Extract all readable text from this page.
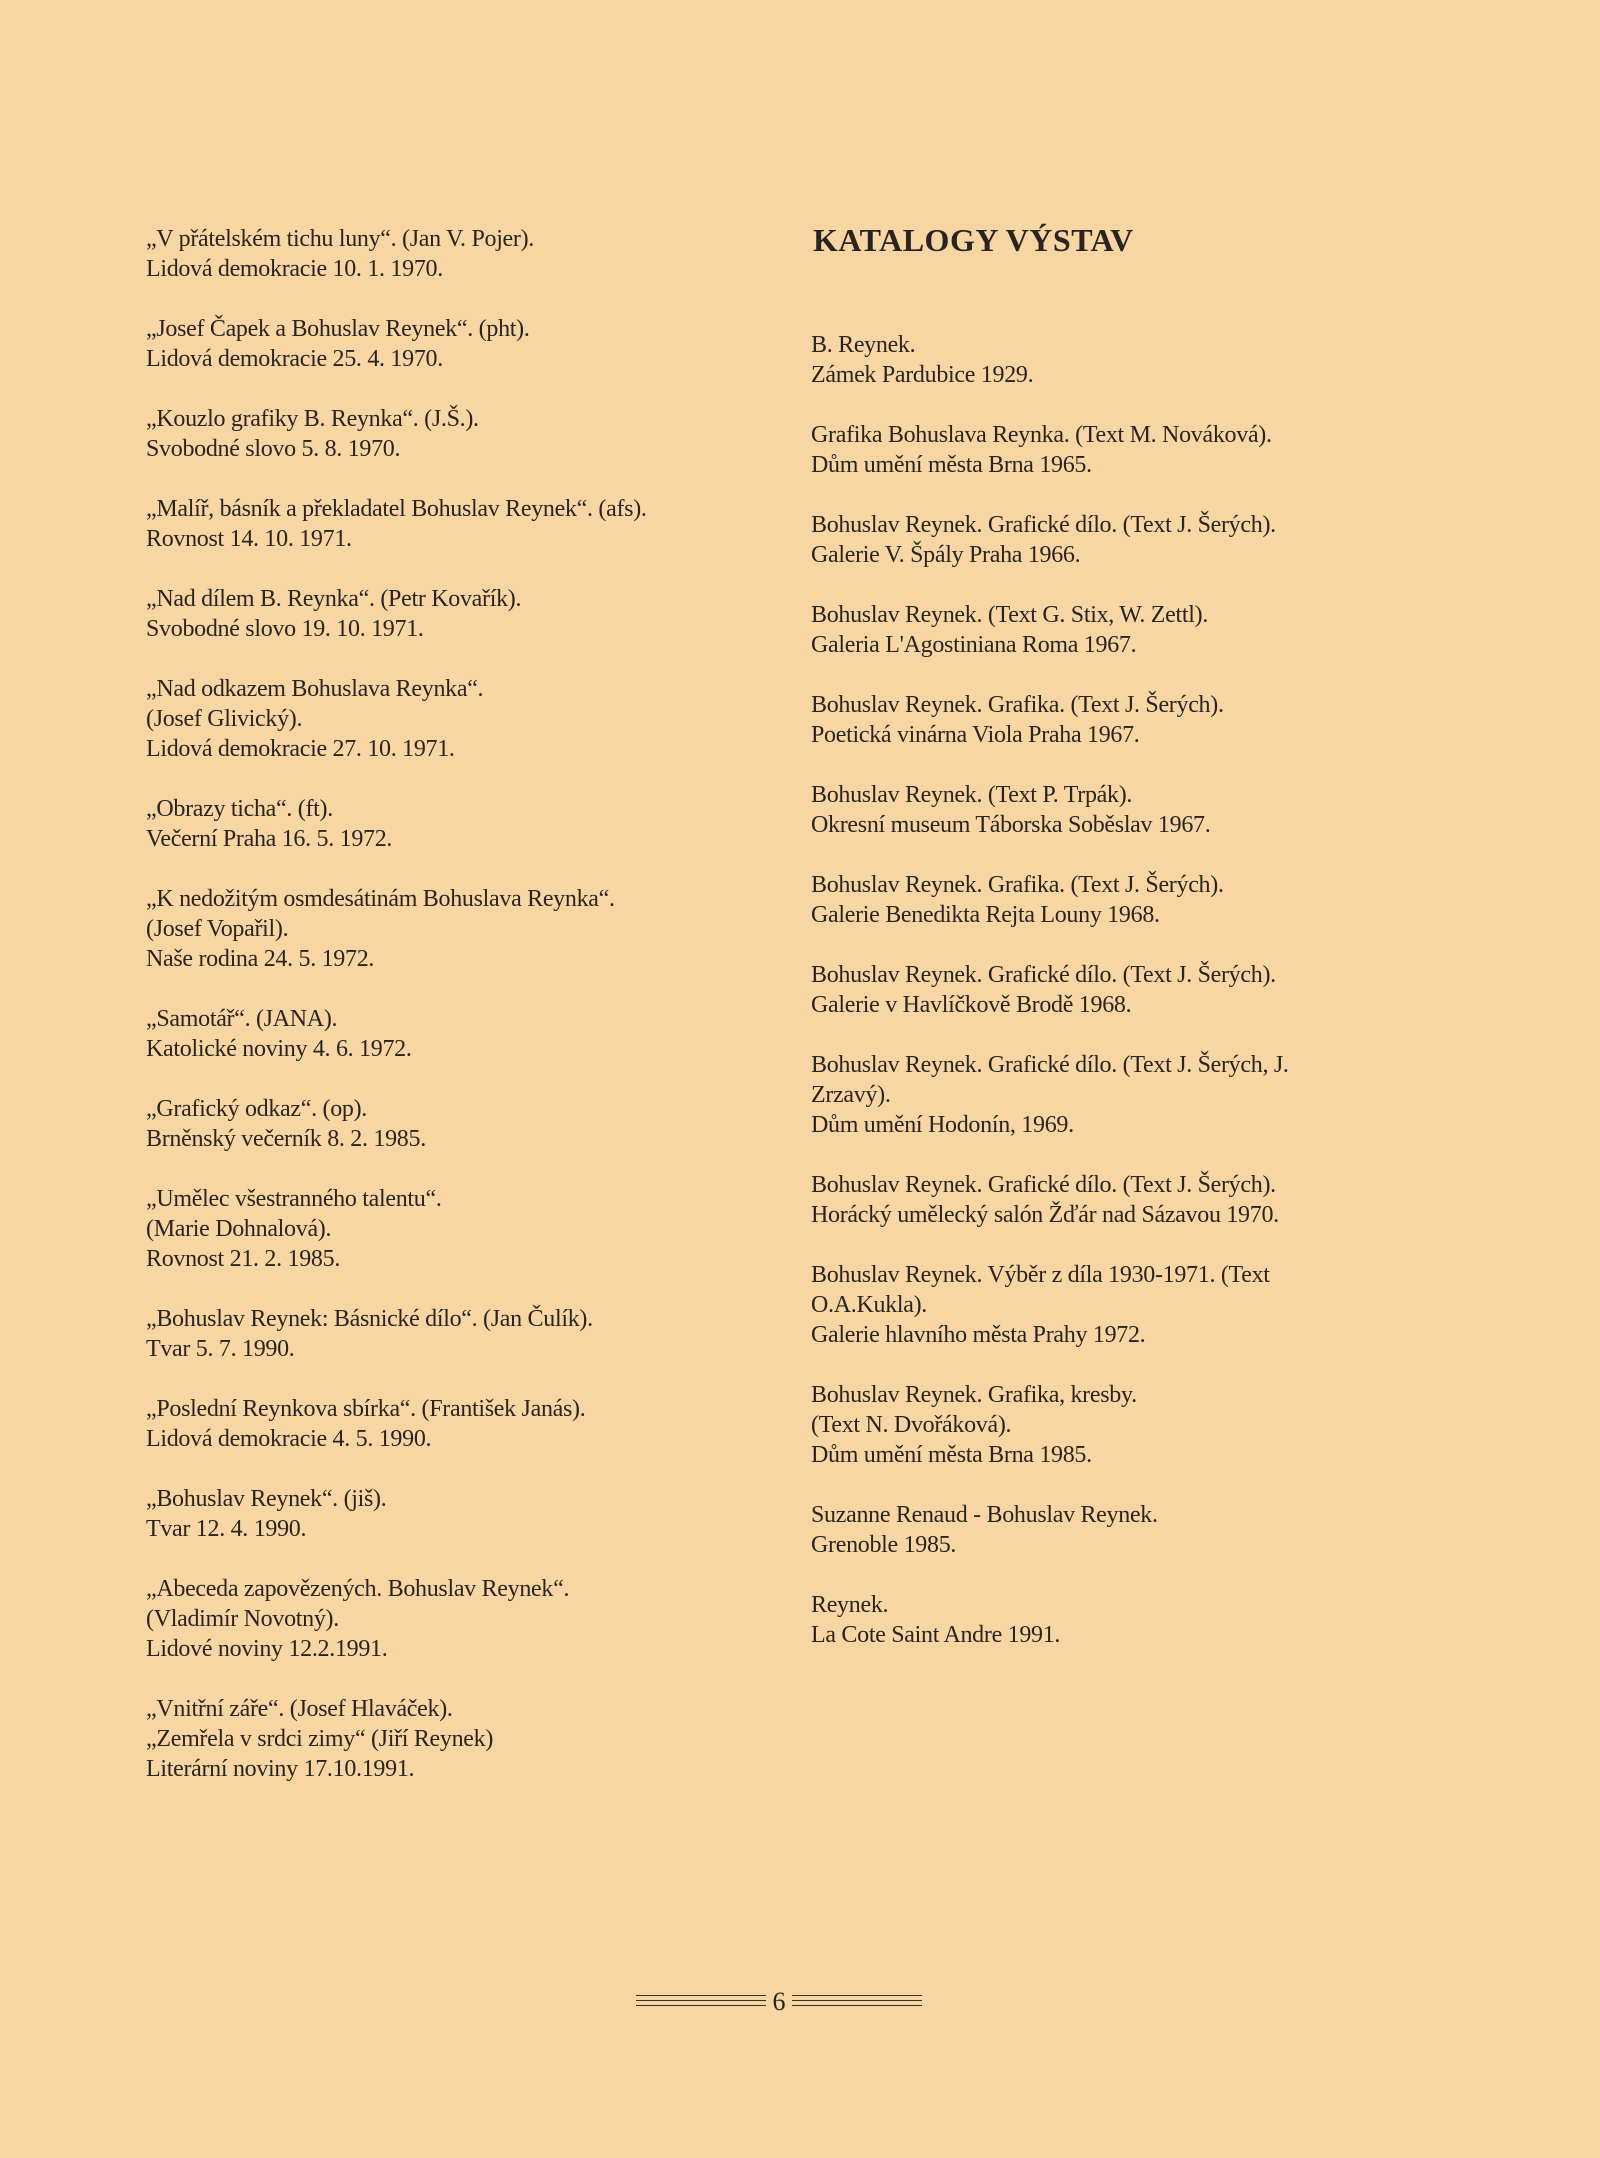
„V přátelském tichu luny“. (Jan V. Pojer).
Lidová demokracie 10. 1. 1970.
„Josef Čapek a Bohuslav Reynek“. (pht).
Lidová demokracie 25. 4. 1970.
„Kouzlo grafiky B. Reynka“. (J.Š.).
Svobodné slovo 5. 8. 1970.
„Malíř, básník a překladatel Bohuslav Reynek“. (afs).
Rovnost 14. 10. 1971.
„Nad dílem B. Reynka“. (Petr Kovařík).
Svobodné slovo 19. 10. 1971.
„Nad odkazem Bohuslava Reynka“.
(Josef Glivický).
Lidová demokracie 27. 10. 1971.
„Obrazy ticha“. (ft).
Večerní Praha 16. 5. 1972.
„K nedožitým osmdesátinám Bohuslava Reynka“.
(Josef Vopařil).
Naše rodina 24. 5. 1972.
„Samotář“. (JANA).
Katolické noviny 4. 6. 1972.
„Grafický odkaz“. (op).
Brněnský večerník 8. 2. 1985.
„Umělec všestranného talentu“.
(Marie Dohnalová).
Rovnost 21. 2. 1985.
„Bohuslav Reynek: Básnické dílo“. (Jan Čulík).
Tvar 5. 7. 1990.
„Poslední Reynkova sbírka“. (František Janás).
Lidová demokracie 4. 5. 1990.
„Bohuslav Reynek“. (jiš).
Tvar 12. 4. 1990.
„Abeceda zapovězených. Bohuslav Reynek“.
(Vladimír Novotný).
Lidové noviny 12.2.1991.
„Vnitřní záře“. (Josef Hlaváček).
„Zemřela v srdci zimy“ (Jiří Reynek)
Literární noviny 17.10.1991.
KATALOGY VÝSTAV
B. Reynek.
Zámek Pardubice 1929.
Grafika Bohuslava Reynka. (Text M. Nováková).
Dům umění města Brna 1965.
Bohuslav Reynek. Grafické dílo. (Text J. Šerých).
Galerie V. Špály Praha 1966.
Bohuslav Reynek. (Text G. Stix, W. Zettl).
Galeria L'Agostiniana Roma 1967.
Bohuslav Reynek. Grafika. (Text J. Šerých).
Poetická vinárna Viola Praha 1967.
Bohuslav Reynek. (Text P. Trpák).
Okresní museum Táborska Soběslav 1967.
Bohuslav Reynek. Grafika. (Text J. Šerých).
Galerie Benedikta Rejta Louny 1968.
Bohuslav Reynek. Grafické dílo. (Text J. Šerých).
Galerie v Havlíčkově Brodě 1968.
Bohuslav Reynek. Grafické dílo. (Text J. Šerých, J.
Zrzavý).
Dům umění Hodonín, 1969.
Bohuslav Reynek. Grafické dílo. (Text J. Šerých).
Horácký umělecký salón Žďár nad Sázavou 1970.
Bohuslav Reynek. Výběr z díla 1930-1971. (Text
O.A.Kukla).
Galerie hlavního města Prahy 1972.
Bohuslav Reynek. Grafika, kresby.
(Text N. Dvořáková).
Dům umění města Brna 1985.
Suzanne Renaud - Bohuslav Reynek.
Grenoble 1985.
Reynek.
La Cote Saint Andre 1991.
6
